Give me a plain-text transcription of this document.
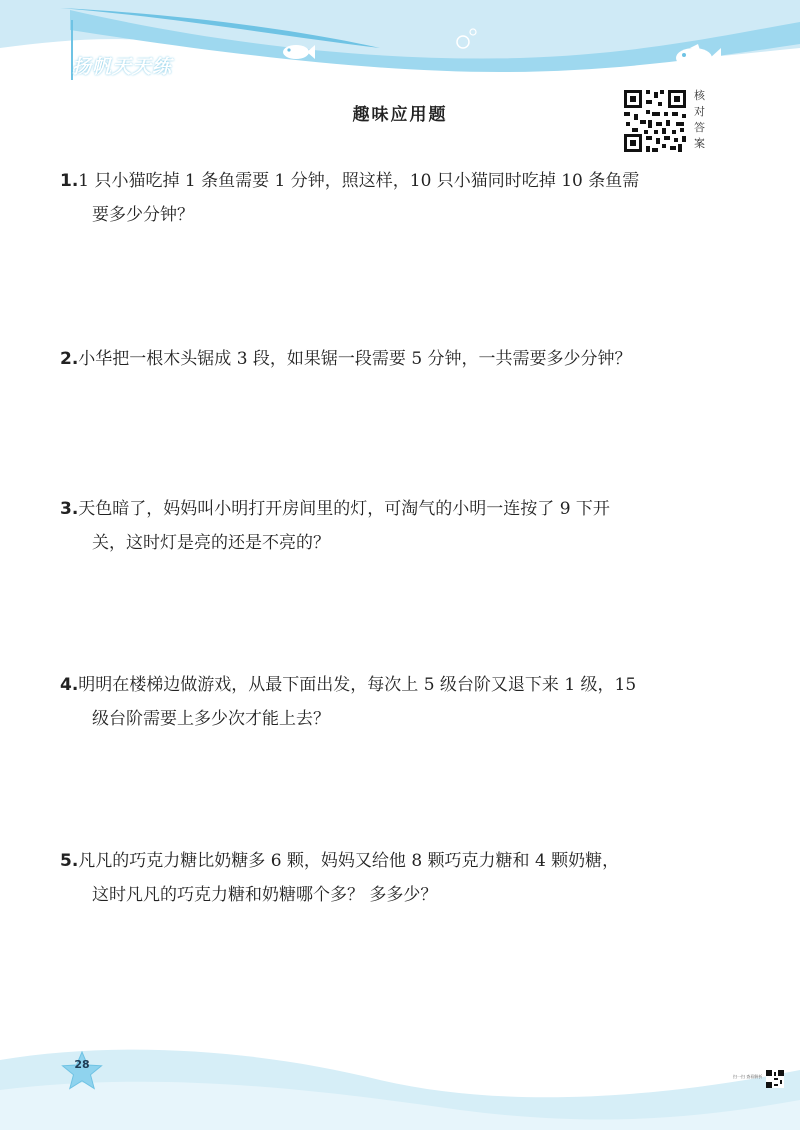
扬帆天天练
趣味应用题
核对答案
1.1 只小猫吃掉 1 条鱼需要 1 分钟，照这样，10 只小猫同时吃掉 10 条鱼需
要多少分钟？
2.小华把一根木头锯成 3 段，如果锯一段需要 5 分钟，一共需要多少分钟？
3.天色暗了，妈妈叫小明打开房间里的灯，可淘气的小明一连按了 9 下开
关，这时灯是亮的还是不亮的？
4.明明在楼梯边做游戏，从最下面出发，每次上 5 级台阶又退下来 1 级，15
级台阶需要上多少次才能上去？
5.凡凡的巧克力糖比奶糖多 6 颗，妈妈又给他 8 颗巧克力糖和 4 颗奶糖，
这时凡凡的巧克力糖和奶糖哪个多？ 多多少？
28
扫一扫 查看解析
